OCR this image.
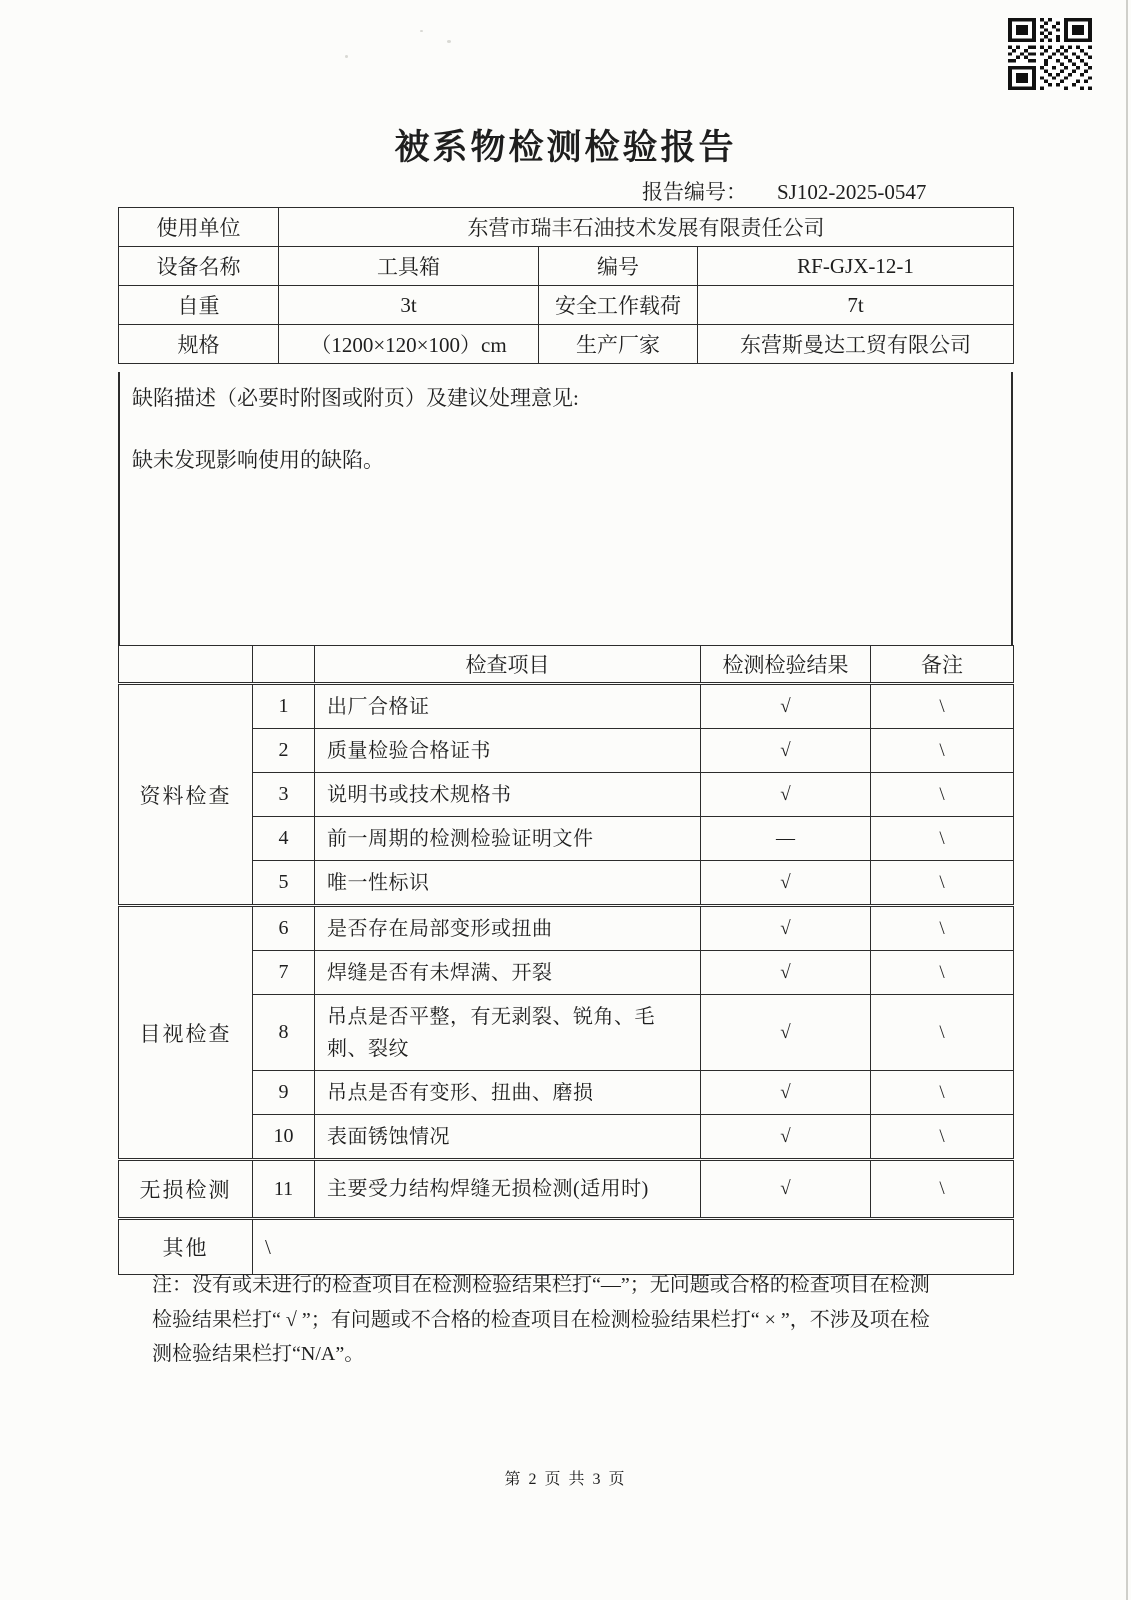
被系物检测检验报告
报告编号： SJ102-2025-0547
使用单位	东营市瑞丰石油技术发展有限责任公司		
设备名称	工具箱	编号	RF-GJX-12-1
自重	3t	安全工作载荷	7t
规格	（1200×120×100）cm	生产厂家	东营斯曼达工贸有限公司
缺陷描述（必要时附图或附页）及建议处理意见:
缺未发现影响使用的缺陷。
		检查项目	检测检验结果	备注
资料检查	1	出厂合格证	√	\
	2	质量检验合格证书	√	\
	3	说明书或技术规格书	√	\
	4	前一周期的检测检验证明文件	—	\
	5	唯一性标识	√	\
目视检查	6	是否存在局部变形或扭曲	√	\
	7	焊缝是否有未焊满、开裂	√	\
	8	吊点是否平整，有无剥裂、锐角、毛刺、裂纹	√	\
	9	吊点是否有变形、扭曲、磨损	√	\
	10	表面锈蚀情况	√	\
无损检测	11	主要受力结构焊缝无损检测(适用时)	√	\
其他	\			
注：没有或未进行的检查项目在检测检验结果栏打“—”；无问题或合格的检查项目在检测
检验结果栏打“ √ ”；有问题或不合格的检查项目在检测检验结果栏打“ × ”，不涉及项在检
测检验结果栏打“N/A”。
第 2 页 共 3 页
